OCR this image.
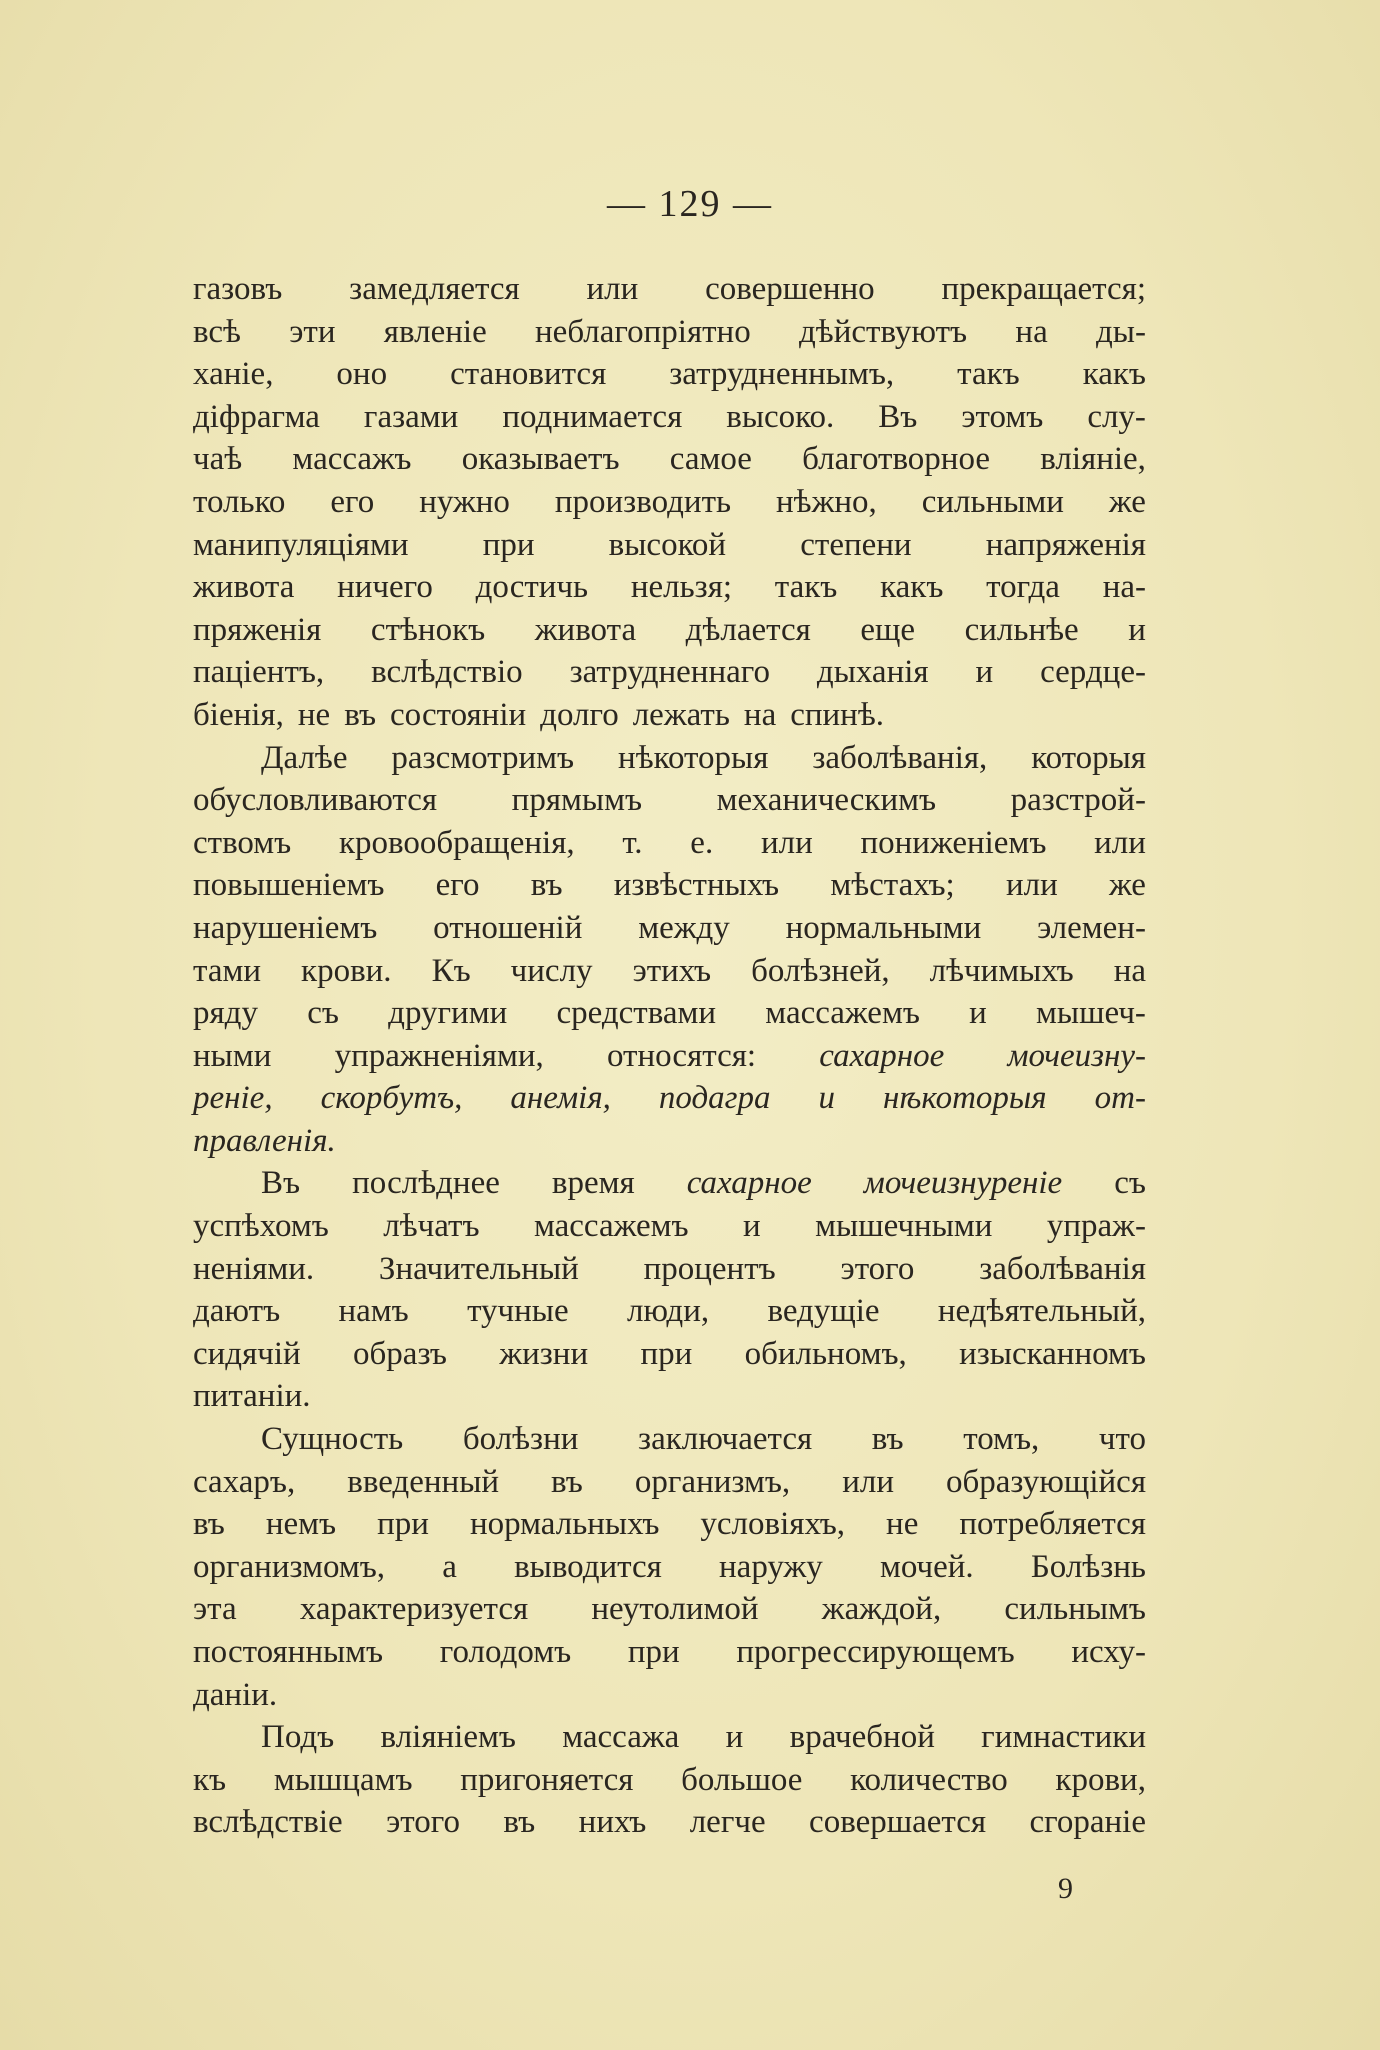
— 129 —
газовъ замедляется или совершенно прекращается;
всѣ эти явленіе неблагопріятно дѣйствуютъ на ды-
ханіе, оно становится затрудненнымъ, такъ какъ
діфрагма газами поднимается высоко. Въ этомъ слу-
чаѣ массажъ оказываетъ самое благотворное вліяніе,
только его нужно производить нѣжно, сильными же
манипуляціями при высокой степени напряженія
живота ничего достичь нельзя; такъ какъ тогда на-
пряженія стѣнокъ живота дѣлается еще сильнѣе и
паціентъ, вслѣдствіо затрудненнаго дыханія и сердце-
біенія, не въ состояніи долго лежать на спинѣ.
Далѣе разсмотримъ нѣкоторыя заболѣванія, которыя
обусловливаются прямымъ механическимъ разстрой-
ствомъ кровообращенія, т. е. или пониженіемъ или
повышеніемъ его въ извѣстныхъ мѣстахъ; или же
нарушеніемъ отношеній между нормальными элемен-
тами крови. Къ числу этихъ болѣзней, лѣчимыхъ на
ряду съ другими средствами массажемъ и мышеч-
ными упражненіями, относятся: сахарное мочеизну-
реніе, скорбутъ, анемія, подагра и нѣкоторыя от-
правленія.
Въ послѣднее время сахарное мочеизнуреніе съ
успѣхомъ лѣчатъ массажемъ и мышечными упраж-
неніями. Значительный процентъ этого заболѣванія
даютъ намъ тучные люди, ведущіе недѣятельный,
сидячій образъ жизни при обильномъ, изысканномъ
питаніи.
Сущность болѣзни заключается въ томъ, что
сахаръ, введенный въ организмъ, или образующійся
въ немъ при нормальныхъ условіяхъ, не потребляется
организмомъ, а выводится наружу мочей. Болѣзнь
эта характеризуется неутолимой жаждой, сильнымъ
постояннымъ голодомъ при прогрессирующемъ исху-
даніи.
Подъ вліяніемъ массажа и врачебной гимнастики
къ мышцамъ пригоняется большое количество крови,
вслѣдствіе этого въ нихъ легче совершается сгораніе
9
